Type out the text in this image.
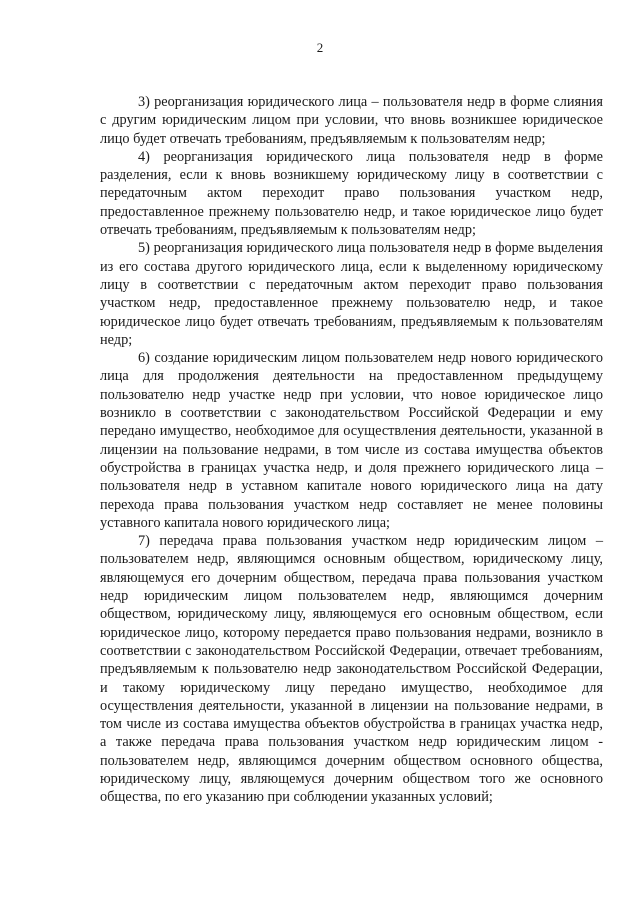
2

3) реорганизация юридического лица – пользователя недр в форме слияния с другим юридическим лицом при условии, что вновь возникшее юридическое лицо будет отвечать требованиям, предъявляемым к пользователям недр;

4) реорганизация юридического лица пользователя недр в форме разделения, если к вновь возникшему юридическому лицу в соответствии с передаточным актом переходит право пользования участком недр, предоставленное прежнему пользователю недр, и такое юридическое лицо будет отвечать требованиям, предъявляемым к пользователям недр;

5) реорганизация юридического лица пользователя недр в форме выделения из его состава другого юридического лица, если к выделенному юридическому лицу в соответствии с передаточным актом переходит право пользования участком недр, предоставленное прежнему пользователю недр, и такое юридическое лицо будет отвечать требованиям, предъявляемым к пользователям недр;

6) создание юридическим лицом пользователем недр нового юридического лица для продолжения деятельности на предоставленном предыдущему пользователю недр участке недр при условии, что новое юридическое лицо возникло в соответствии с законодательством Российской Федерации и ему передано имущество, необходимое для осуществления деятельности, указанной в лицензии на пользование недрами, в том числе из состава имущества объектов обустройства в границах участка недр, и доля прежнего юридического лица – пользователя недр в уставном капитале нового юридического лица на дату перехода права пользования участком недр составляет не менее половины уставного капитала нового юридического лица;

7) передача права пользования участком недр юридическим лицом – пользователем недр, являющимся основным обществом, юридическому лицу, являющемуся его дочерним обществом, передача права пользования участком недр юридическим лицом пользователем недр, являющимся дочерним обществом, юридическому лицу, являющемуся его основным обществом, если юридическое лицо, которому передается право пользования недрами, возникло в соответствии с законодательством Российской Федерации, отвечает требованиям, предъявляемым к пользователю недр законодательством Российской Федерации, и такому юридическому лицу передано имущество, необходимое для осуществления деятельности, указанной в лицензии на пользование недрами, в том числе из состава имущества объектов обустройства в границах участка недр, а также передача права пользования участком недр юридическим лицом - пользователем недр, являющимся дочерним обществом основного общества, юридическому лицу, являющемуся дочерним обществом того же основного общества, по его указанию при соблюдении указанных условий;
